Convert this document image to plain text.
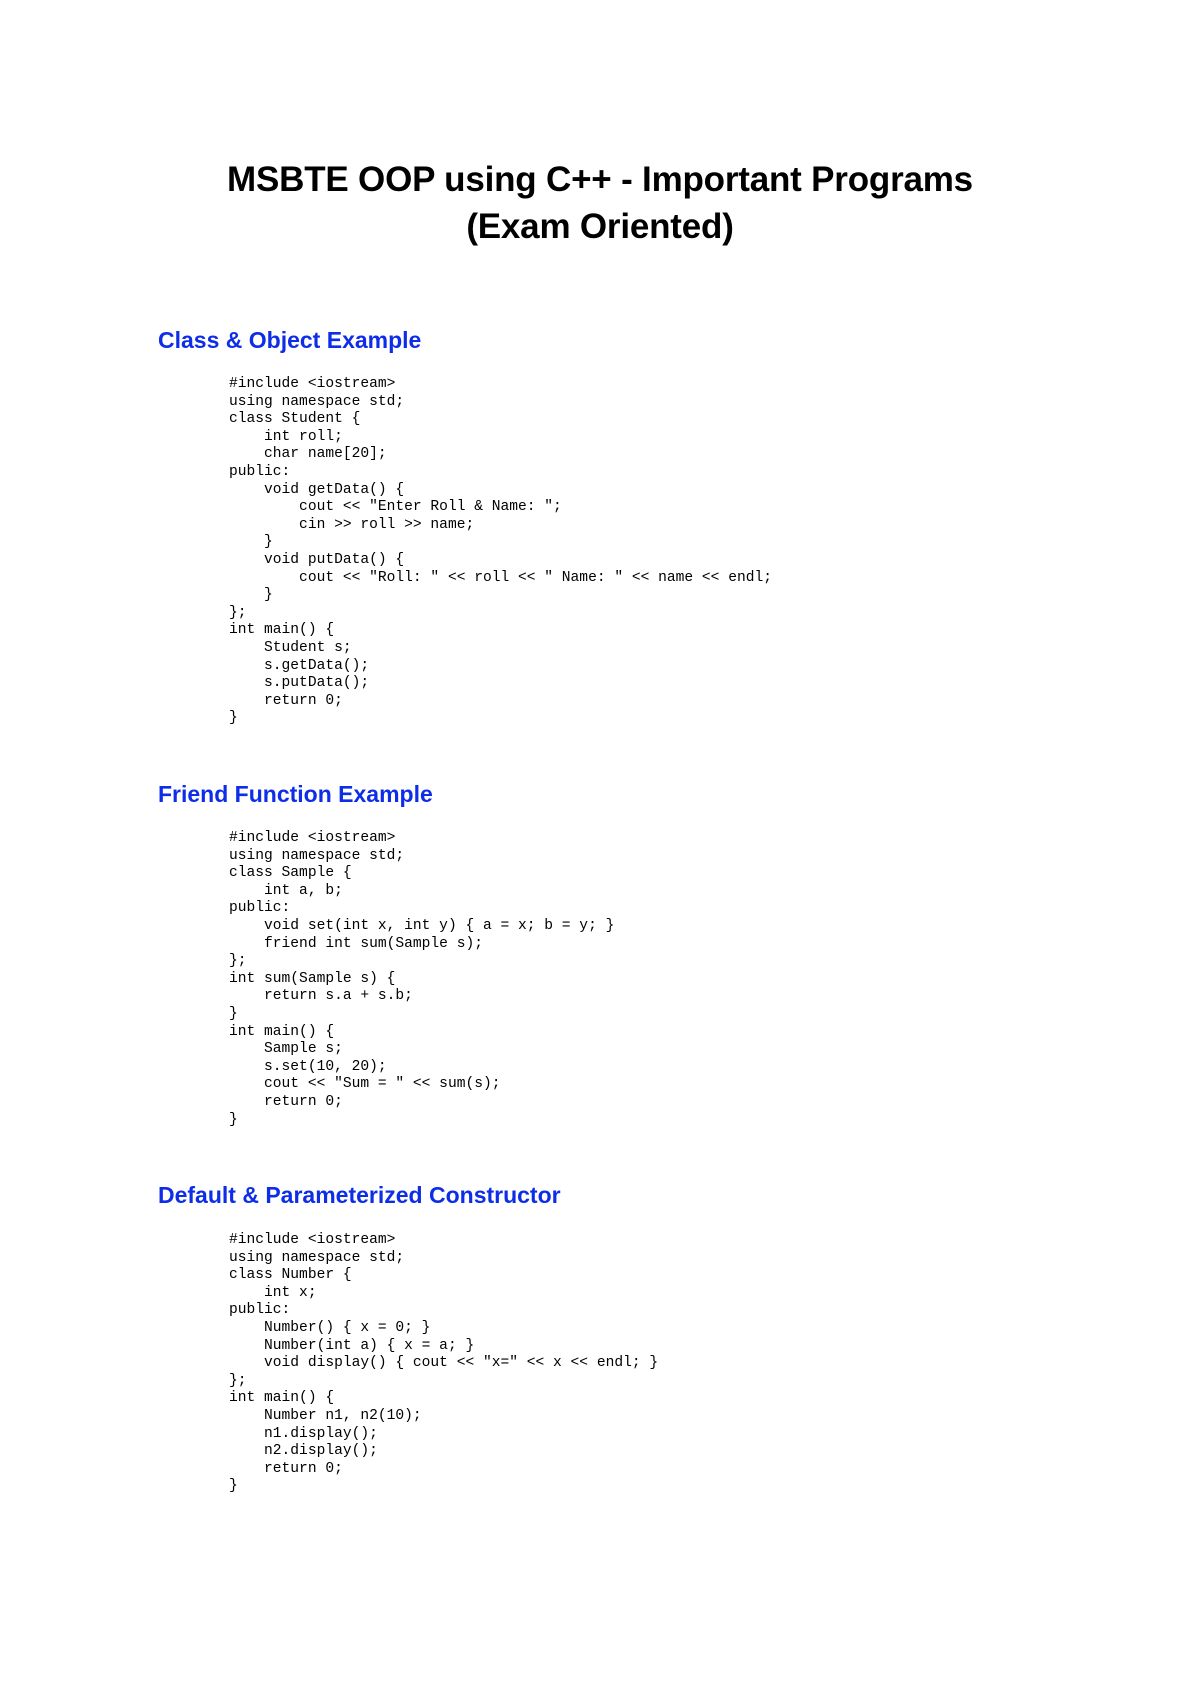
MSBTE OOP using C++ - Important Programs
(Exam Oriented)
Class & Object Example
#include <iostream>
using namespace std;
class Student {
int roll;
char name[20];
public:
void getData() {
cout << "Enter Roll & Name: ";
cin >> roll >> name;
}
void putData() {
cout << "Roll: " << roll << " Name: " << name << endl;
}
};
int main() {
Student s;
s.getData();
s.putData();
return 0;
}
Friend Function Example
#include <iostream>
using namespace std;
class Sample {
int a, b;
public:
void set(int x, int y) { a = x; b = y; }
friend int sum(Sample s);
};
int sum(Sample s) {
return s.a + s.b;
}
int main() {
Sample s;
s.set(10, 20);
cout << "Sum = " << sum(s);
return 0;
}
Default & Parameterized Constructor
#include <iostream>
using namespace std;
class Number {
int x;
public:
Number() { x = 0; }
Number(int a) { x = a; }
void display() { cout << "x=" << x << endl; }
};
int main() {
Number n1, n2(10);
n1.display();
n2.display();
return 0;
}
